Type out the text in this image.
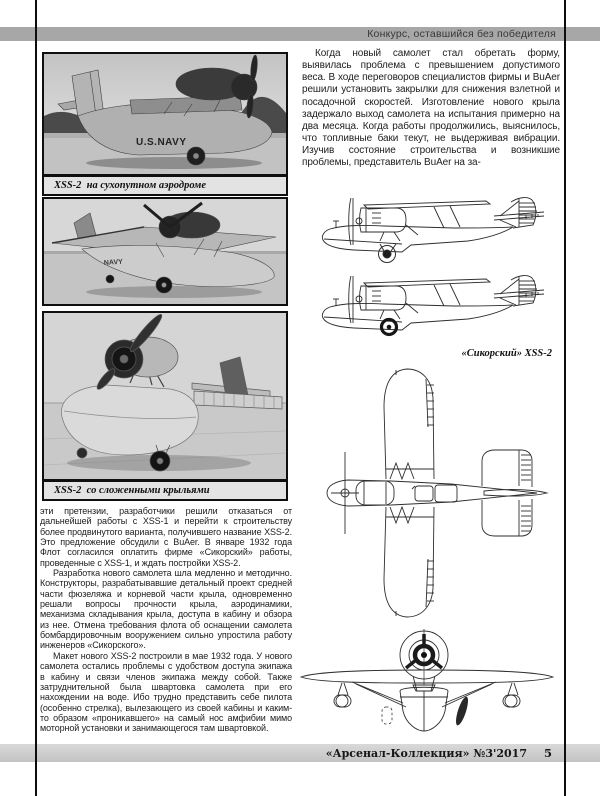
Конкурс, оставшийся без победителя
U.S.NAVY
XSS-2  на сухопутном аэродроме
NAVY
XSS-2  со сложенными крыльями

эти претензии, разработчики решили отказаться от дальнейшей работы с XSS-1 и перейти к строительству более продвинутого варианта, получившего название XSS-2. Это предложение обсудили с BuAer. В январе 1932 года Флот согласился оплатить фирме «Сикорский» работы, проведенные с XSS-1, и ждать постройки XSS-2.

Разработка нового самолета шла медленно и методично. Конструкторы, разрабатывавшие детальный проект средней части фюзеляжа и корневой части крыла, одновременно решали вопросы прочности крыла, аэродинамики, механизма складывания крыла, доступа в кабину и обзора из нее. Отмена требования флота об оснащении самолета бомбардировочным вооружением сильно упростила работу инженеров «Сикорского».

Макет нового XSS-2 построили в мае 1932 года. У нового самолета остались проблемы с удобством доступа экипажа в кабину и связи членов экипажа между собой. Также затруднительной была швартовка самолета при его нахождении на воде. Ибо трудно представить себе пилота (особенно стрелка), вылезающего из своей кабины и каким-то образом «проникавшего» на самый нос амфибии мимо моторной установки и занимающегося там швартовкой.

Когда новый самолет стал обретать форму, выявилась проблема с превышением допустимого веса. В ходе переговоров специалистов фирмы и BuAer решили установить закрылки для снижения взлетной и посадочной скоростей. Изготовление нового крыла задержало выход самолета на испытания примерно на два месяца. Когда работы продолжились, выяснилось, что топливные баки текут, не выдерживая вибрации. Изучив состояние строительства и возникшие проблемы, представитель BuAer на за-

«Сикорский» XSS-2
«Арсенал-Коллекция» №3'2017 5
